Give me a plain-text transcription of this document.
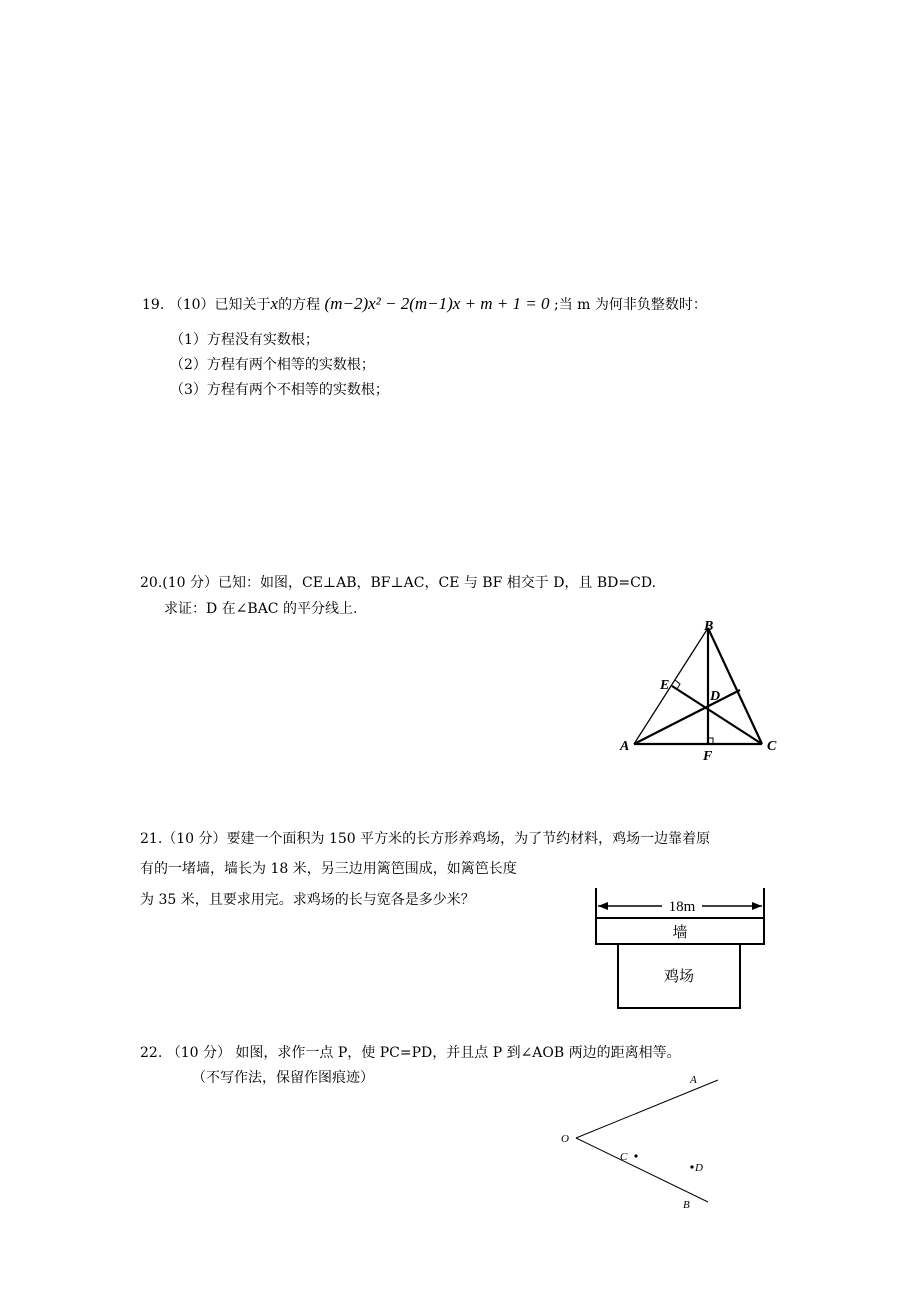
19. （10）已知关于x的方程 (m−2)x² − 2(m−1)x + m + 1 = 0 ;当 m 为何非负整数时：
（1）方程没有实数根；
（2）方程有两个相等的实数根；
（3）方程有两个不相等的实数根；
20.(10 分）已知：如图，CE⊥AB，BF⊥AC，CE 与 BF 相交于 D，且 BD=CD.
求证：D 在∠BAC 的平分线上.
B
E
D
A
F
C
21.（10 分）要建一个面积为 150 平方米的长方形养鸡场，为了节约材料，鸡场一边靠着原
有的一堵墙，墙长为 18 米，另三边用篱笆围成，如篱笆长度
为 35 米，且要求用完。求鸡场的长与宽各是多少米？	18m
墙
鸡场
22. （10 分） 如图，求作一点 P，使 PC=PD，并且点 P 到∠AOB 两边的距离相等。
（不写作法，保留作图痕迹）
O
A
C
D
B
